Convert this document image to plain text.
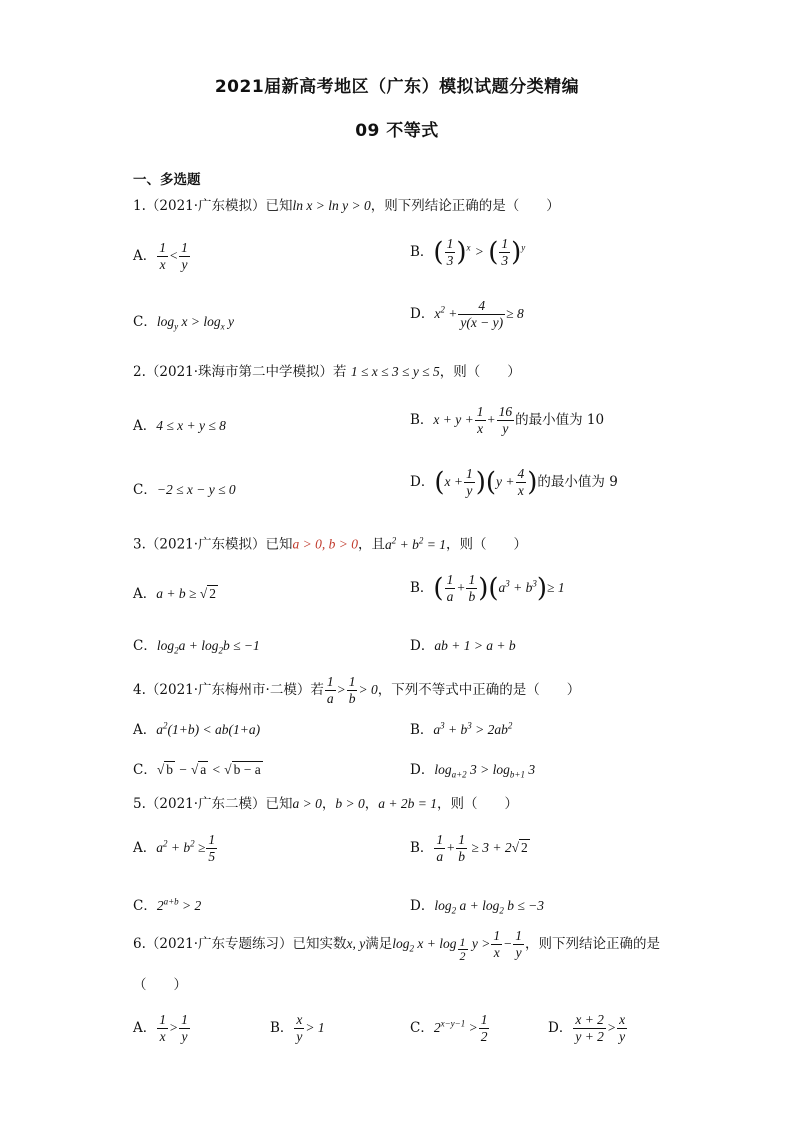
2021届新高考地区（广东）模拟试题分类精编
09 不等式
一、多选题
1.（2021·广东模拟）已知ln x > ln y > 0，则下列结论正确的是（　　）
A． $\frac{1}{x} < \frac{1}{y}$	B．( $\frac{1}{3} )^x$ > ( $\frac{1}{3} )^y$
C．$\log_y x > \log_x y$	D．$x^2 + \frac{4}{y(x - y)} \ge 8$
2.（2021·珠海市第二中学模拟）若 1 ≤ x ≤ 3 ≤ y ≤ 5，则（　　）
A．4 ≤ x + y ≤ 8	B．$x + y + \frac{1}{x} + \frac{16}{y}$ 的最小值为 10
C．−2 ≤ x − y ≤ 0	D．$(x + \frac{1}{y} )(y + \frac{4}{x}$ )的最小值为 9
3.（2021·广东模拟）已知a > 0, b > 0，且$a^2 + b^2 = 1$，则（　　）
A．a + b ≥ √ 2	B．( $\frac{1}{a} + \frac{1}{b} )(a^3 + b^3)\ge 1$
C．$\log_2a + \log_2b \le -1$	D．ab + 1 > a + b
4.（2021·广东梅州市·二模）若 $\frac{1}{a} > \frac{1}{b} > 0$，下列不等式中正确的是（　　）
A．$a^2(1+b) < ab(1+a)$	B．$a^3 + b^3 > 2ab^2$
C．√ b − √ a < √ b − a	D．$\log_{a+2} 3 > \log_{b+1} 3$
5.（2021·广东二模）已知a > 0，b > 0，a + 2b = 1，则（　　）
A．$a^2 + b^2 \ge \frac{1}{5}$	B． $\frac{1}{a} + \frac{1}{b} \ge 3 + 2√$ 2
C．$2^{a+b} > 2$	D．$\log_2 a + \log_2 b \le -3$
6.（2021·广东专题练习）已知实数x, y满足$\log_2 x + \log _{\frac{1}{2}}$ $y > \frac{1}{x} - \frac{1}{y}$ ，则下列结论正确的是（　　）
A． $\frac{1}{x} > \frac{1}{y}$	B． $\frac{x}{y} > 1$	C．$2^{x-y-1} > \frac{1}{2}$	D． $\frac{x + 2}{y + 2} > \frac{x}{y}$
